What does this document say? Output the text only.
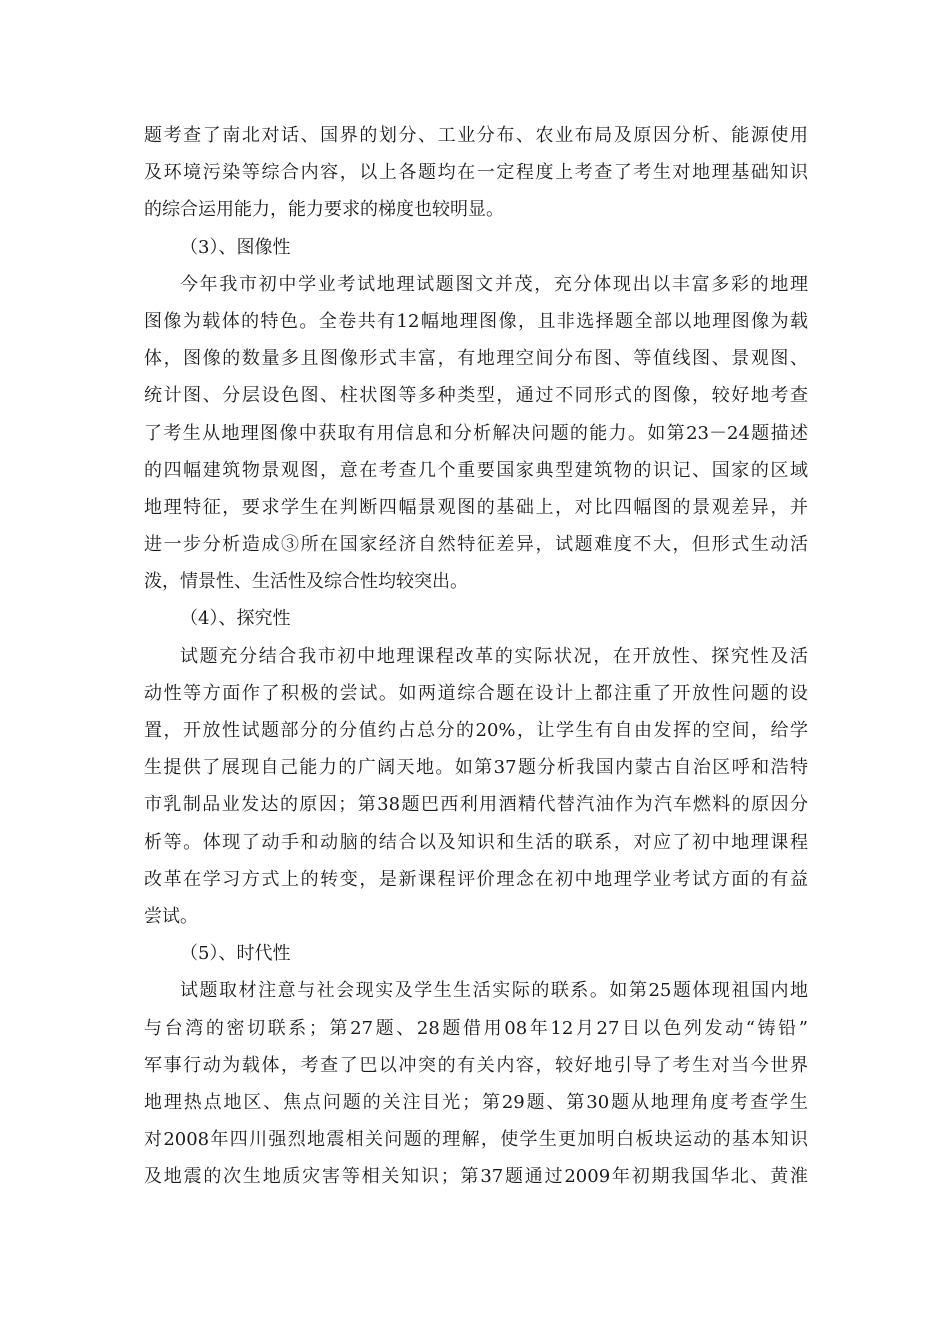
题考查了南北对话、国界的划分、工业分布、农业布局及原因分析、能源使用
及环境污染等综合内容，以上各题均在一定程度上考查了考生对地理基础知识
的综合运用能力，能力要求的梯度也较明显。
（3）、图像性
今年我市初中学业考试地理试题图文并茂，充分体现出以丰富多彩的地理
图像为载体的特色。全卷共有12幅地理图像，且非选择题全部以地理图像为载
体，图像的数量多且图像形式丰富，有地理空间分布图、等值线图、景观图、
统计图、分层设色图、柱状图等多种类型，通过不同形式的图像，较好地考查
了考生从地理图像中获取有用信息和分析解决问题的能力。如第23－24题描述
的四幅建筑物景观图，意在考查几个重要国家典型建筑物的识记、国家的区域
地理特征，要求学生在判断四幅景观图的基础上，对比四幅图的景观差异，并
进一步分析造成③所在国家经济自然特征差异，试题难度不大，但形式生动活
泼，情景性、生活性及综合性均较突出。
（4）、探究性
试题充分结合我市初中地理课程改革的实际状况，在开放性、探究性及活
动性等方面作了积极的尝试。如两道综合题在设计上都注重了开放性问题的设
置，开放性试题部分的分值约占总分的20%，让学生有自由发挥的空间，给学
生提供了展现自己能力的广阔天地。如第37题分析我国内蒙古自治区呼和浩特
市乳制品业发达的原因；第38题巴西利用酒精代替汽油作为汽车燃料的原因分
析等。体现了动手和动脑的结合以及知识和生活的联系，对应了初中地理课程
改革在学习方式上的转变，是新课程评价理念在初中地理学业考试方面的有益
尝试。
（5）、时代性
试题取材注意与社会现实及学生生活实际的联系。如第25题体现祖国内地
与台湾的密切联系；第27题、28题借用08年12月27日以色列发动“铸铅”
军事行动为载体，考查了巴以冲突的有关内容，较好地引导了考生对当今世界
地理热点地区、焦点问题的关注目光；第29题、第30题从地理角度考查学生
对2008年四川强烈地震相关问题的理解，使学生更加明白板块运动的基本知识
及地震的次生地质灾害等相关知识；第37题通过2009年初期我国华北、黄淮
